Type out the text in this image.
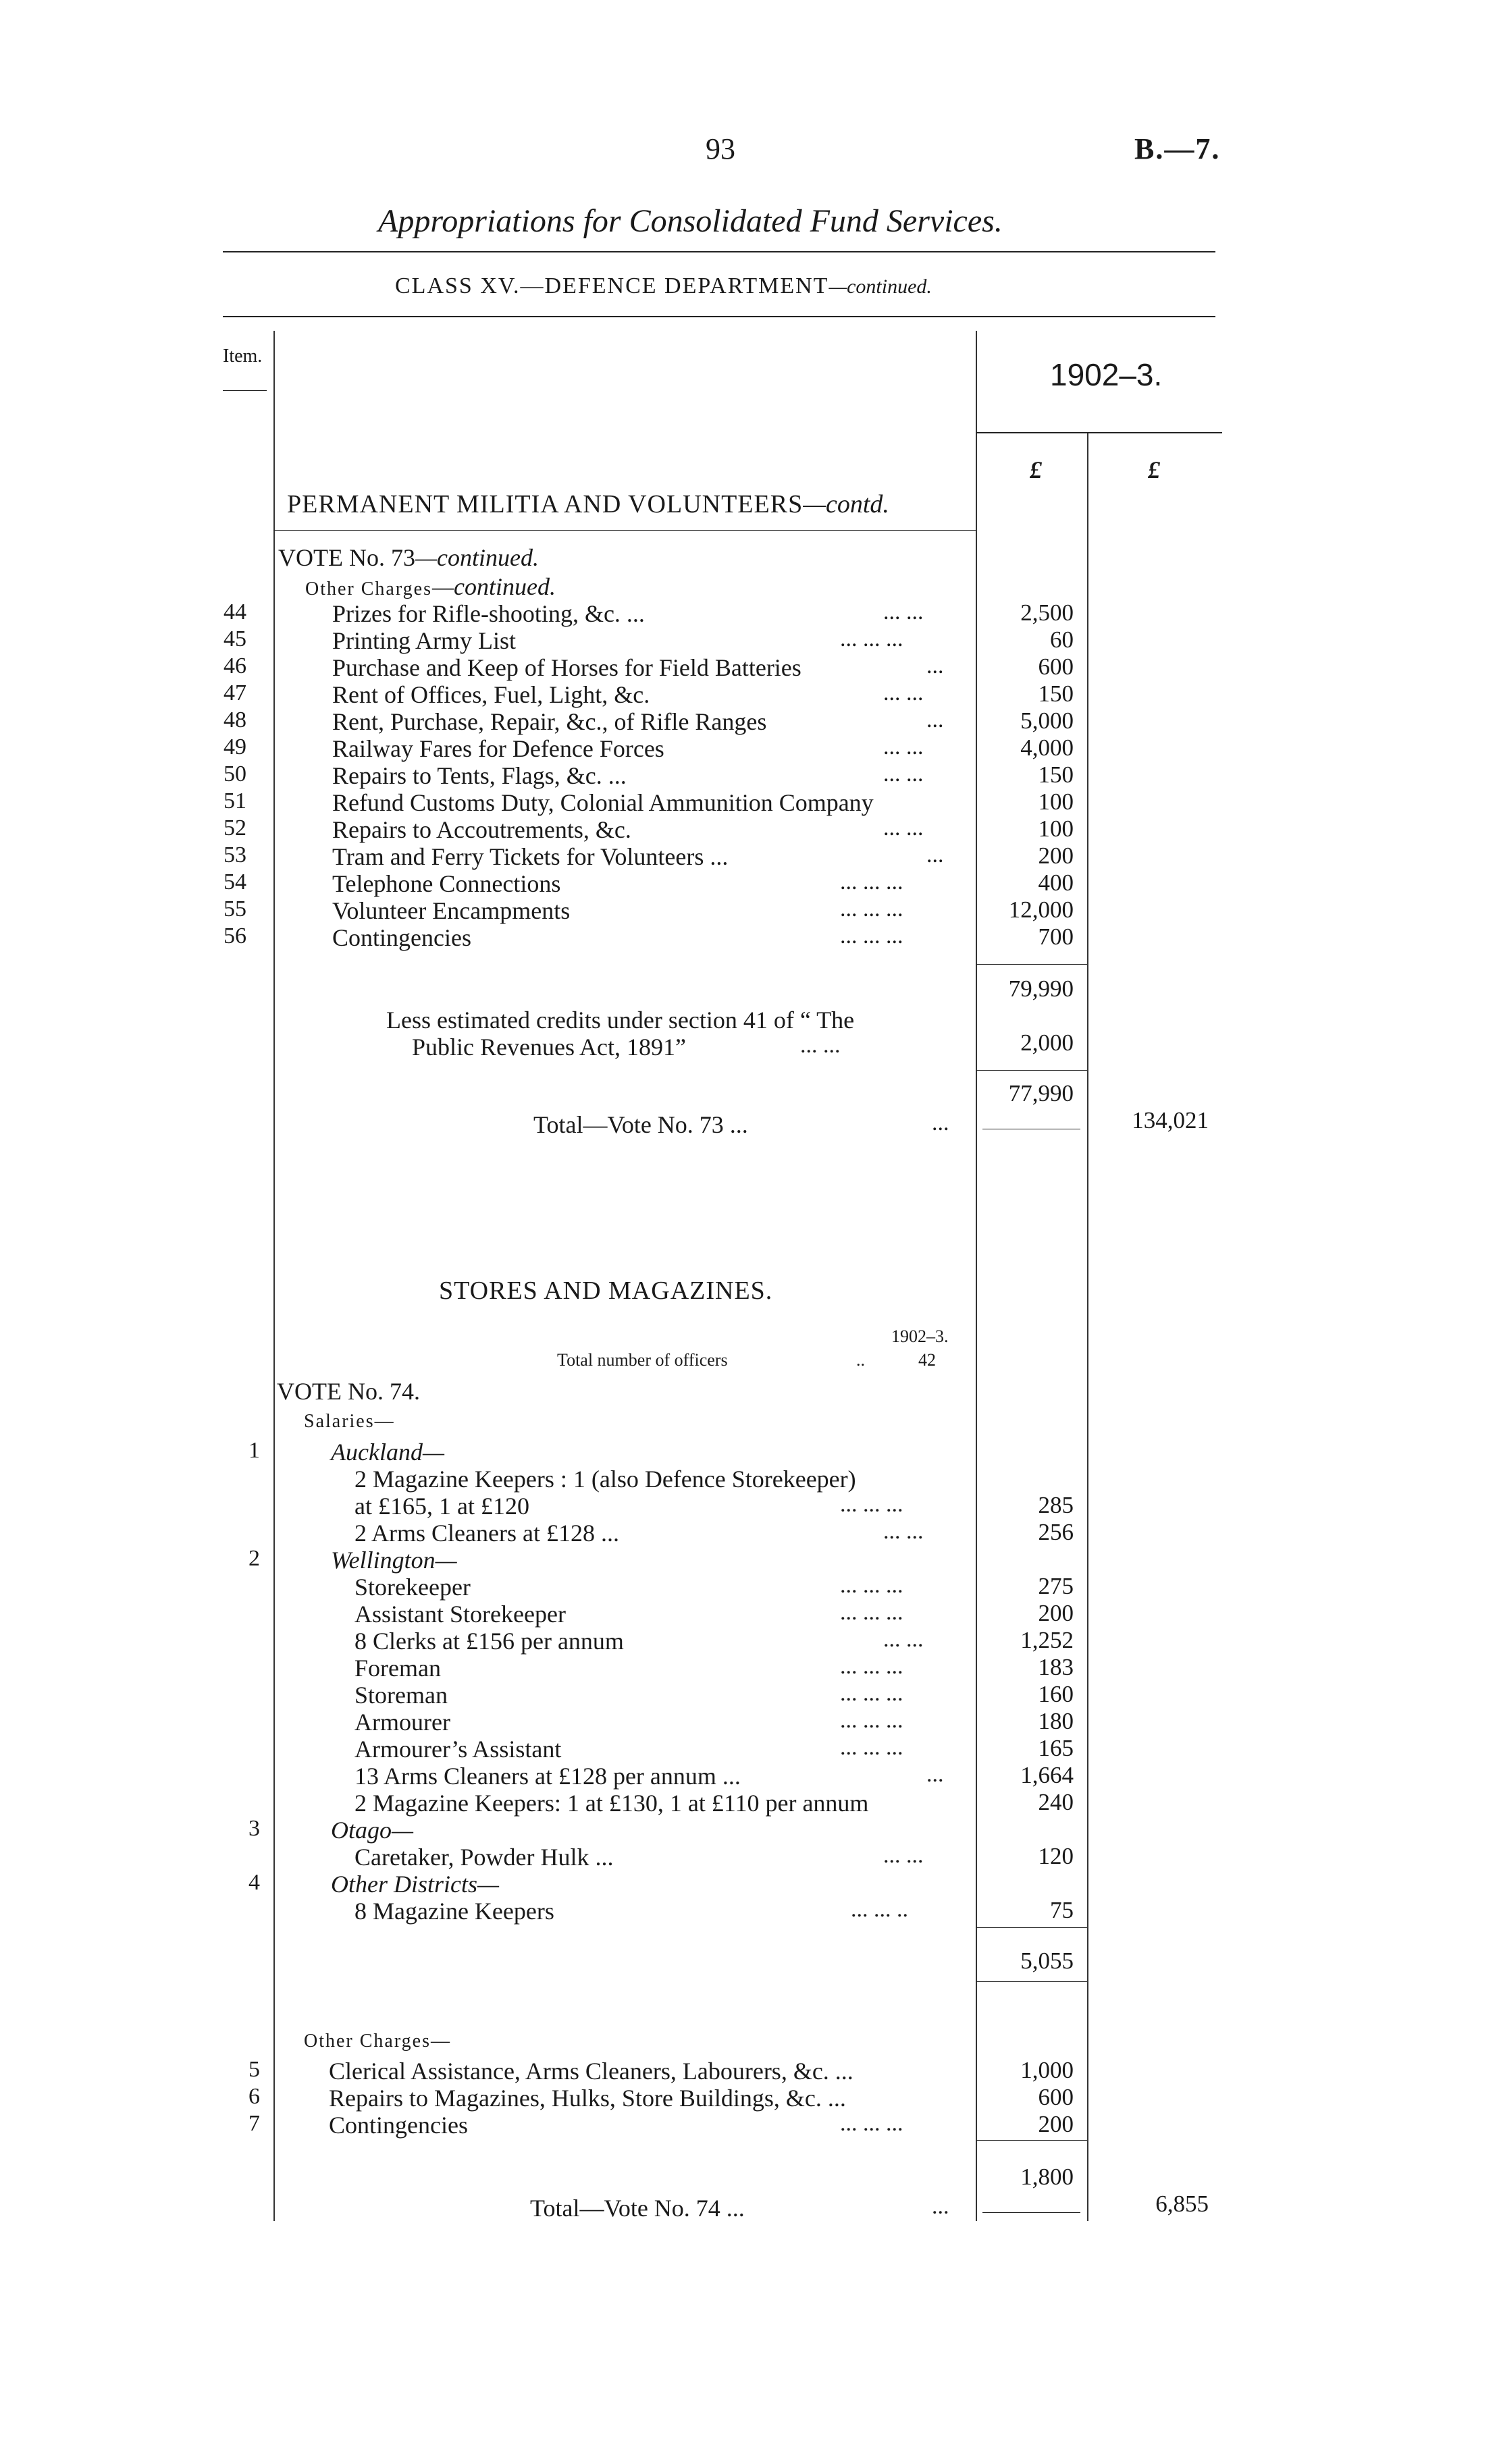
93	B.—7.
Appropriations for Consolidated Fund Services.
CLASS XV.—DEFENCE DEPARTMENT—continued.
Item.
1902–3.
£	£
PERMANENT MILITIA AND VOLUNTEERS—contd.
VOTE No. 73—continued.
Other Charges—continued.
44	Prizes for Rifle-shooting, &c. ...	... ...	2,500
45	Printing Army List	... ... ...	60
46	Purchase and Keep of Horses for Field Batteries	...	600
47	Rent of Offices, Fuel, Light, &c.	... ...	150
48	Rent, Purchase, Repair, &c., of Rifle Ranges	...	5,000
49	Railway Fares for Defence Forces	... ...	4,000
50	Repairs to Tents, Flags, &c. ...	... ...	150
51	Refund Customs Duty, Colonial Ammunition Company	100
52	Repairs to Accoutrements, &c.	... ...	100
53	Tram and Ferry Tickets for Volunteers ...	...	200
54	Telephone Connections	... ... ...	400
55	Volunteer Encampments	... ... ...	12,000
56	Contingencies	... ... ...	700
79,990
Less estimated credits under section 41 of “ The
Public Revenues Act, 1891”	... ...	2,000
77,990
Total—Vote No. 73 ...	...	134,021
STORES AND MAGAZINES.
1902–3.
Total number of officers	..	42
VOTE No. 74.
Salaries—
1	Auckland—
2 Magazine Keepers : 1 (also Defence Storekeeper)
at £165, 1 at £120	... ... ...	285
2 Arms Cleaners at £128 ...	... ...	256
2	Wellington—
Storekeeper	... ... ...	275
Assistant Storekeeper	... ... ...	200
8 Clerks at £156 per annum	... ...	1,252
Foreman	... ... ...	183
Storeman	... ... ...	160
Armourer	... ... ...	180
Armourer’s Assistant	... ... ...	165
13 Arms Cleaners at £128 per annum ...	...	1,664
2 Magazine Keepers: 1 at £130, 1 at £110 per annum	240
3	Otago—
Caretaker, Powder Hulk ...	... ...	120
4	Other Districts—
8 Magazine Keepers	... ... ..	75
5,055
Other Charges—
5	Clerical Assistance, Arms Cleaners, Labourers, &c. ...	1,000
6	Repairs to Magazines, Hulks, Store Buildings, &c. ...	600
7	Contingencies	... ... ...	200
1,800
Total—Vote No. 74 ...	...	6,855
